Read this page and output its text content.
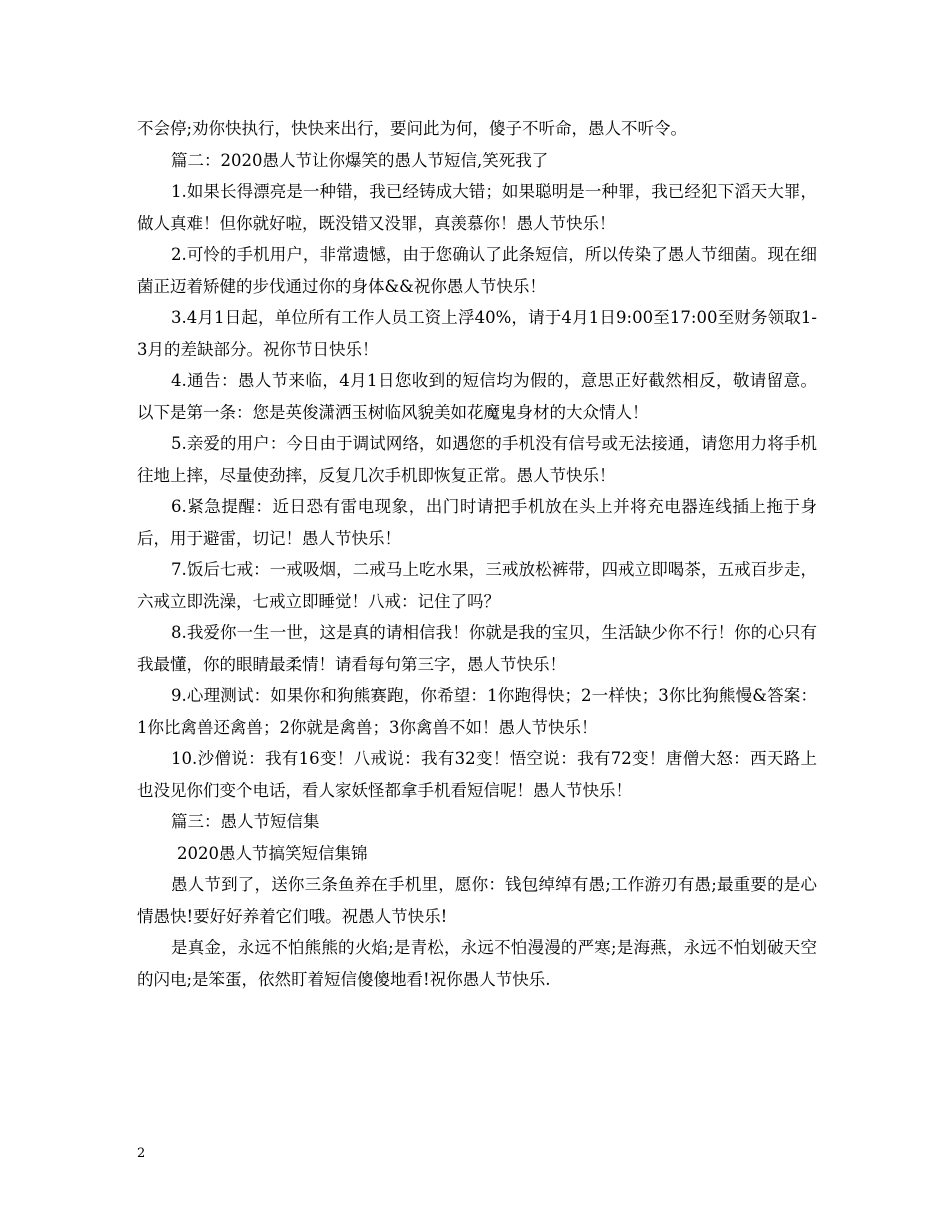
不会停;劝你快执行，快快来出行，要问此为何，傻子不听命，愚人不听令。

篇二：2020愚人节让你爆笑的愚人节短信,笑死我了

1.如果长得漂亮是一种错，我已经铸成大错；如果聪明是一种罪，我已经犯下滔天大罪，做人真难！但你就好啦，既没错又没罪，真羡慕你！愚人节快乐！

2.可怜的手机用户，非常遗憾，由于您确认了此条短信，所以传染了愚人节细菌。现在细菌正迈着矫健的步伐通过你的身体&&祝你愚人节快乐！

3.4月1日起，单位所有工作人员工资上浮40%，请于4月1日9:00至17:00至财务领取1-3月的差缺部分。祝你节日快乐！

4.通告：愚人节来临，4月1日您收到的短信均为假的，意思正好截然相反，敬请留意。以下是第一条：您是英俊潇洒玉树临风貌美如花魔鬼身材的大众情人！

5.亲爱的用户：今日由于调试网络，如遇您的手机没有信号或无法接通，请您用力将手机往地上摔，尽量使劲摔，反复几次手机即恢复正常。愚人节快乐！

6.紧急提醒：近日恐有雷电现象，出门时请把手机放在头上并将充电器连线插上拖于身后，用于避雷，切记！愚人节快乐！

7.饭后七戒：一戒吸烟，二戒马上吃水果，三戒放松裤带，四戒立即喝茶，五戒百步走，六戒立即洗澡，七戒立即睡觉！八戒：记住了吗？

8.我爱你一生一世，这是真的请相信我！你就是我的宝贝，生活缺少你不行！你的心只有我最懂，你的眼睛最柔情！请看每句第三字，愚人节快乐！

9.心理测试：如果你和狗熊赛跑，你希望：1你跑得快；2一样快；3你比狗熊慢&答案：1你比禽兽还禽兽；2你就是禽兽；3你禽兽不如！愚人节快乐！

10.沙僧说：我有16变！八戒说：我有32变！悟空说：我有72变！唐僧大怒：西天路上也没见你们变个电话，看人家妖怪都拿手机看短信呢！愚人节快乐！

篇三：愚人节短信集

2020愚人节搞笑短信集锦

愚人节到了，送你三条鱼养在手机里，愿你：钱包绰绰有愚;工作游刃有愚;最重要的是心情愚快!要好好养着它们哦。祝愚人节快乐!

是真金，永远不怕熊熊的火焰;是青松，永远不怕漫漫的严寒;是海燕，永远不怕划破天空的闪电;是笨蛋，依然盯着短信傻傻地看!祝你愚人节快乐.

2
